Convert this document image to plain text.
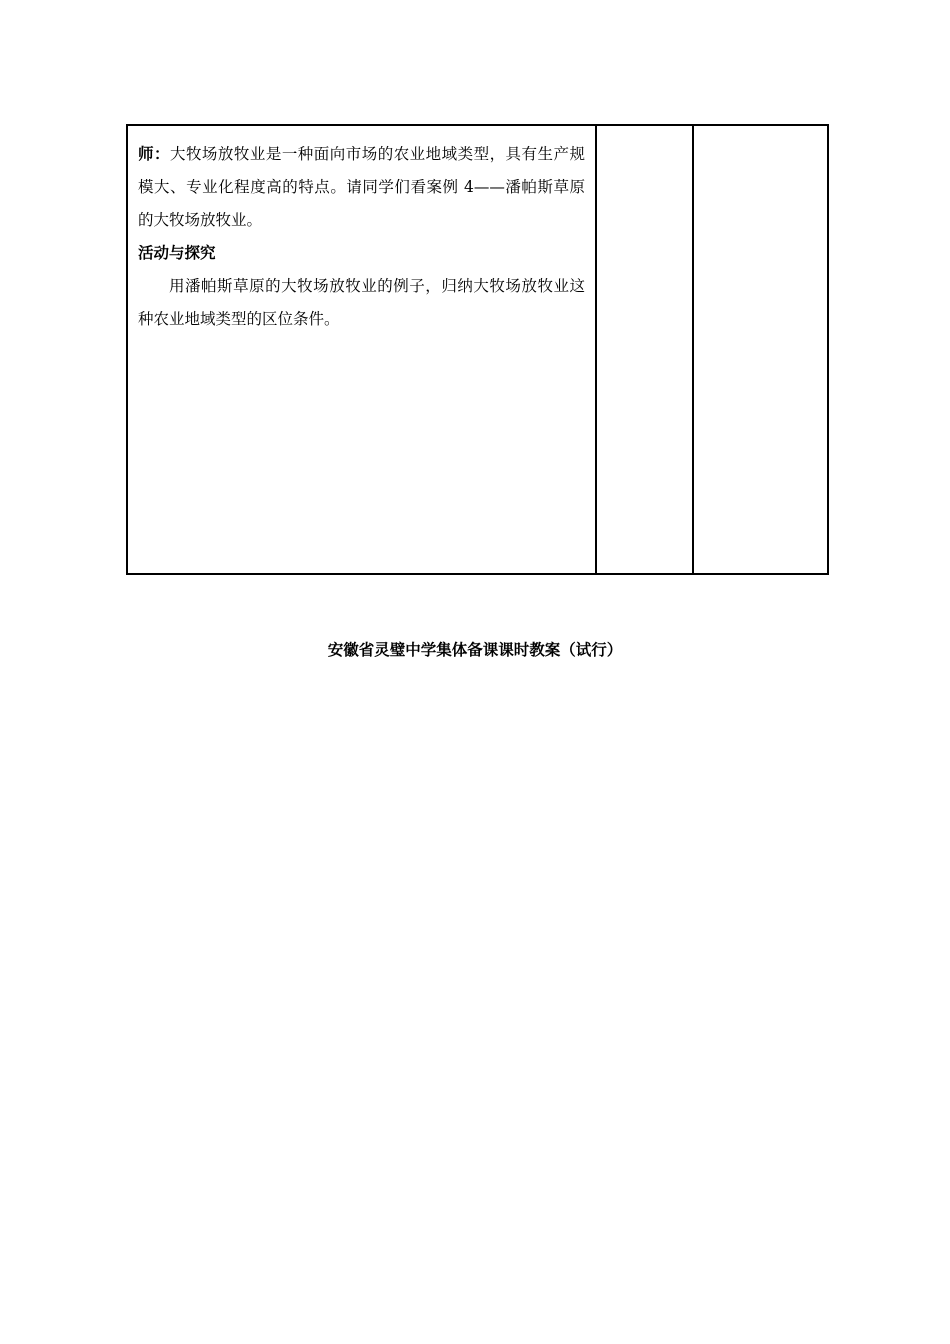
师：大牧场放牧业是一种面向市场的农业地域类型，具有生产规模大、专业化程度高的特点。请同学们看案例 4——潘帕斯草原的大牧场放牧业。

活动与探究

用潘帕斯草原的大牧场放牧业的例子，归纳大牧场放牧业这种农业地域类型的区位条件。

安徽省灵璧中学集体备课课时教案（试行）
